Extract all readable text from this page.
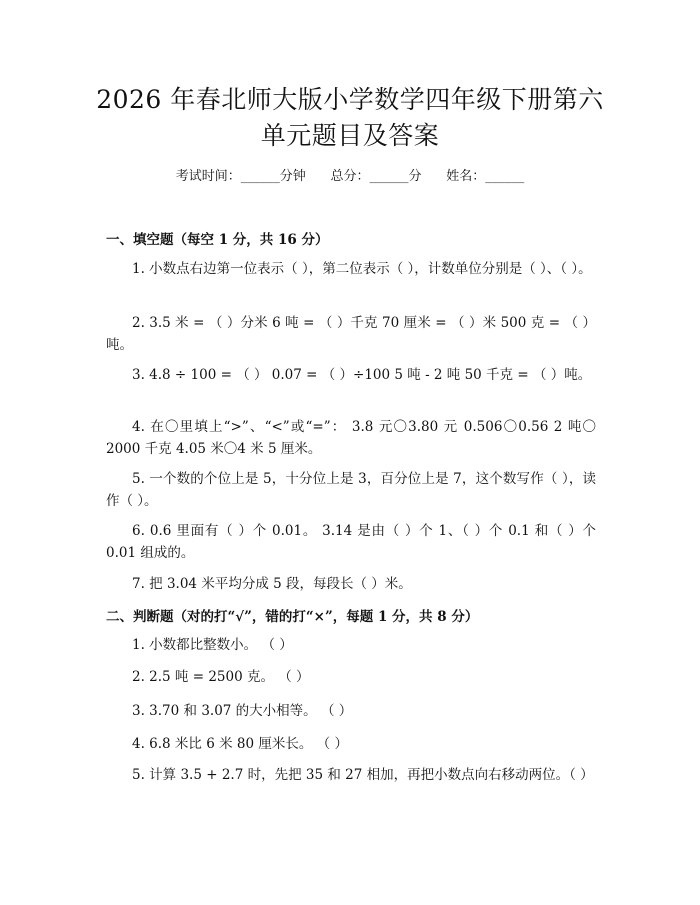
2026 年春北师大版小学数学四年级下册第六
单元题目及答案
考试时间：______分钟      总分：______分      姓名：______
一、填空题（每空 1 分，共 16 分）
1. 小数点右边第一位表示（ ），第二位表示（ ），计数单位分别是（ ）、（ ）。
2. 3.5 米 = （ ）分米 6 吨 = （ ）千克 70 厘米 = （ ）米 500 克 = （ ）吨。
3. 4.8 ÷ 100 = （ ） 0.07 = （ ）÷100 5 吨 - 2 吨 50 千克 = （ ）吨。
4. 在〇里填上“>”、“<”或“=”： 3.8 元〇3.80 元 0.506〇0.56 2 吨〇2000 千克 4.05 米〇4 米 5 厘米。
5. 一个数的个位上是 5，十分位上是 3，百分位上是 7，这个数写作（ ），读作（ ）。
6. 0.6 里面有（ ）个 0.01。 3.14 是由（ ）个 1、（ ）个 0.1 和（ ）个 0.01 组成的。
7. 把 3.04 米平均分成 5 段，每段长（ ）米。
二、判断题（对的打“√”，错的打“×”，每题 1 分，共 8 分）
1. 小数都比整数小。 （ ）
2. 2.5 吨 = 2500 克。 （ ）
3. 3.70 和 3.07 的大小相等。 （ ）
4. 6.8 米比 6 米 80 厘米长。 （ ）
5. 计算 3.5 + 2.7 时，先把 35 和 27 相加，再把小数点向右移动两位。（ ）
